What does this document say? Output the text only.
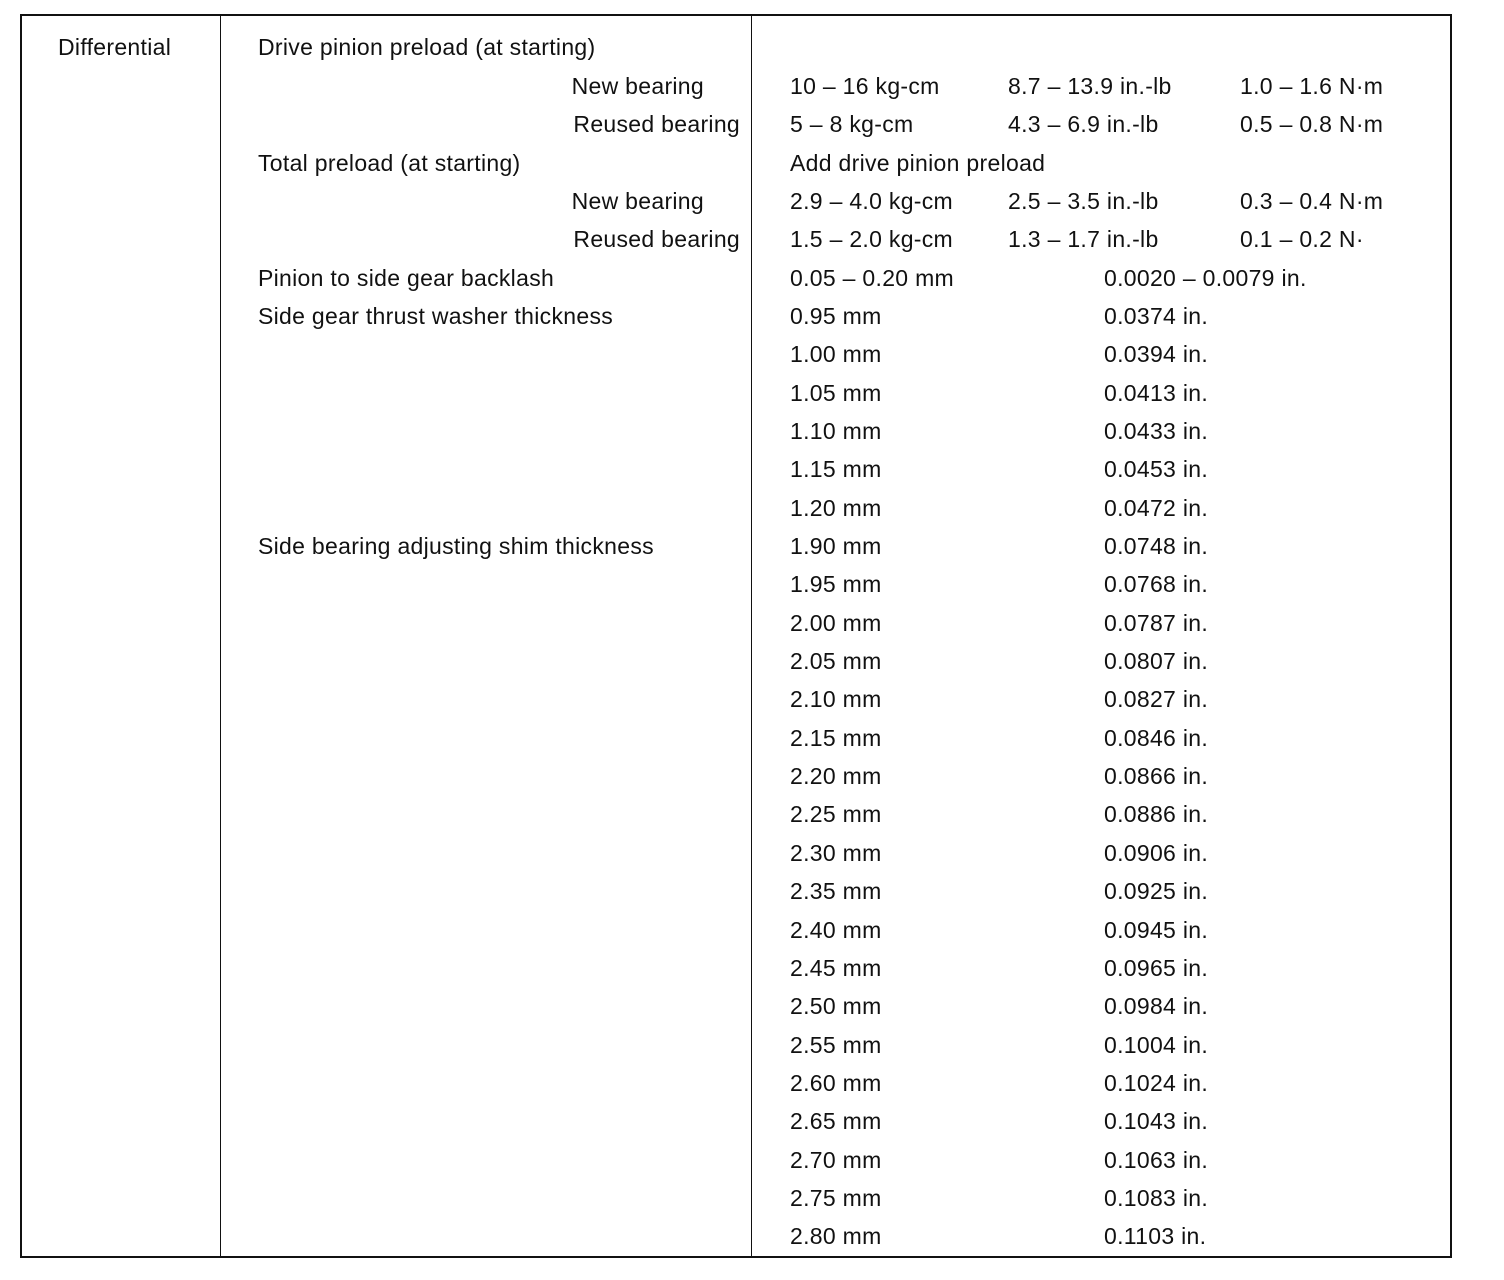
Differential	Drive pinion preload (at starting)
New bearing	10 – 16 kg-cm	8.7 – 13.9 in.-lb	1.0 – 1.6 N·m
Reused bearing 5 – 8 kg-cm	4.3 – 6.9 in.-lb	0.5 – 0.8 N·m
Total preload (at starting)	Add drive pinion preload
New bearing	2.9 – 4.0 kg-cm 2.5 – 3.5 in.-lb	0.3 – 0.4 N·m
Reused bearing 1.5 – 2.0 kg-cm 1.3 – 1.7 in.-lb	0.1 – 0.2 N·
Pinion to side gear backlash	0.05 – 0.20 mm	0.0020 – 0.0079 in.
Side gear thrust washer thickness	0.95 mm	0.0374 in.
1.00 mm	0.0394 in.
1.05 mm	0.0413 in.
1.10 mm	0.0433 in.
1.15 mm	0.0453 in.
1.20 mm	0.0472 in.
Side bearing adjusting shim thickness	1.90 mm	0.0748 in.
1.95 mm	0.0768 in.
2.00 mm	0.0787 in.
2.05 mm	0.0807 in.
2.10 mm	0.0827 in.
2.15 mm	0.0846 in.
2.20 mm	0.0866 in.
2.25 mm	0.0886 in.
2.30 mm	0.0906 in.
2.35 mm	0.0925 in.
2.40 mm	0.0945 in.
2.45 mm	0.0965 in.
2.50 mm	0.0984 in.
2.55 mm	0.1004 in.
2.60 mm	0.1024 in.
2.65 mm	0.1043 in.
2.70 mm	0.1063 in.
2.75 mm	0.1083 in.
2.80 mm	0.1103 in.
